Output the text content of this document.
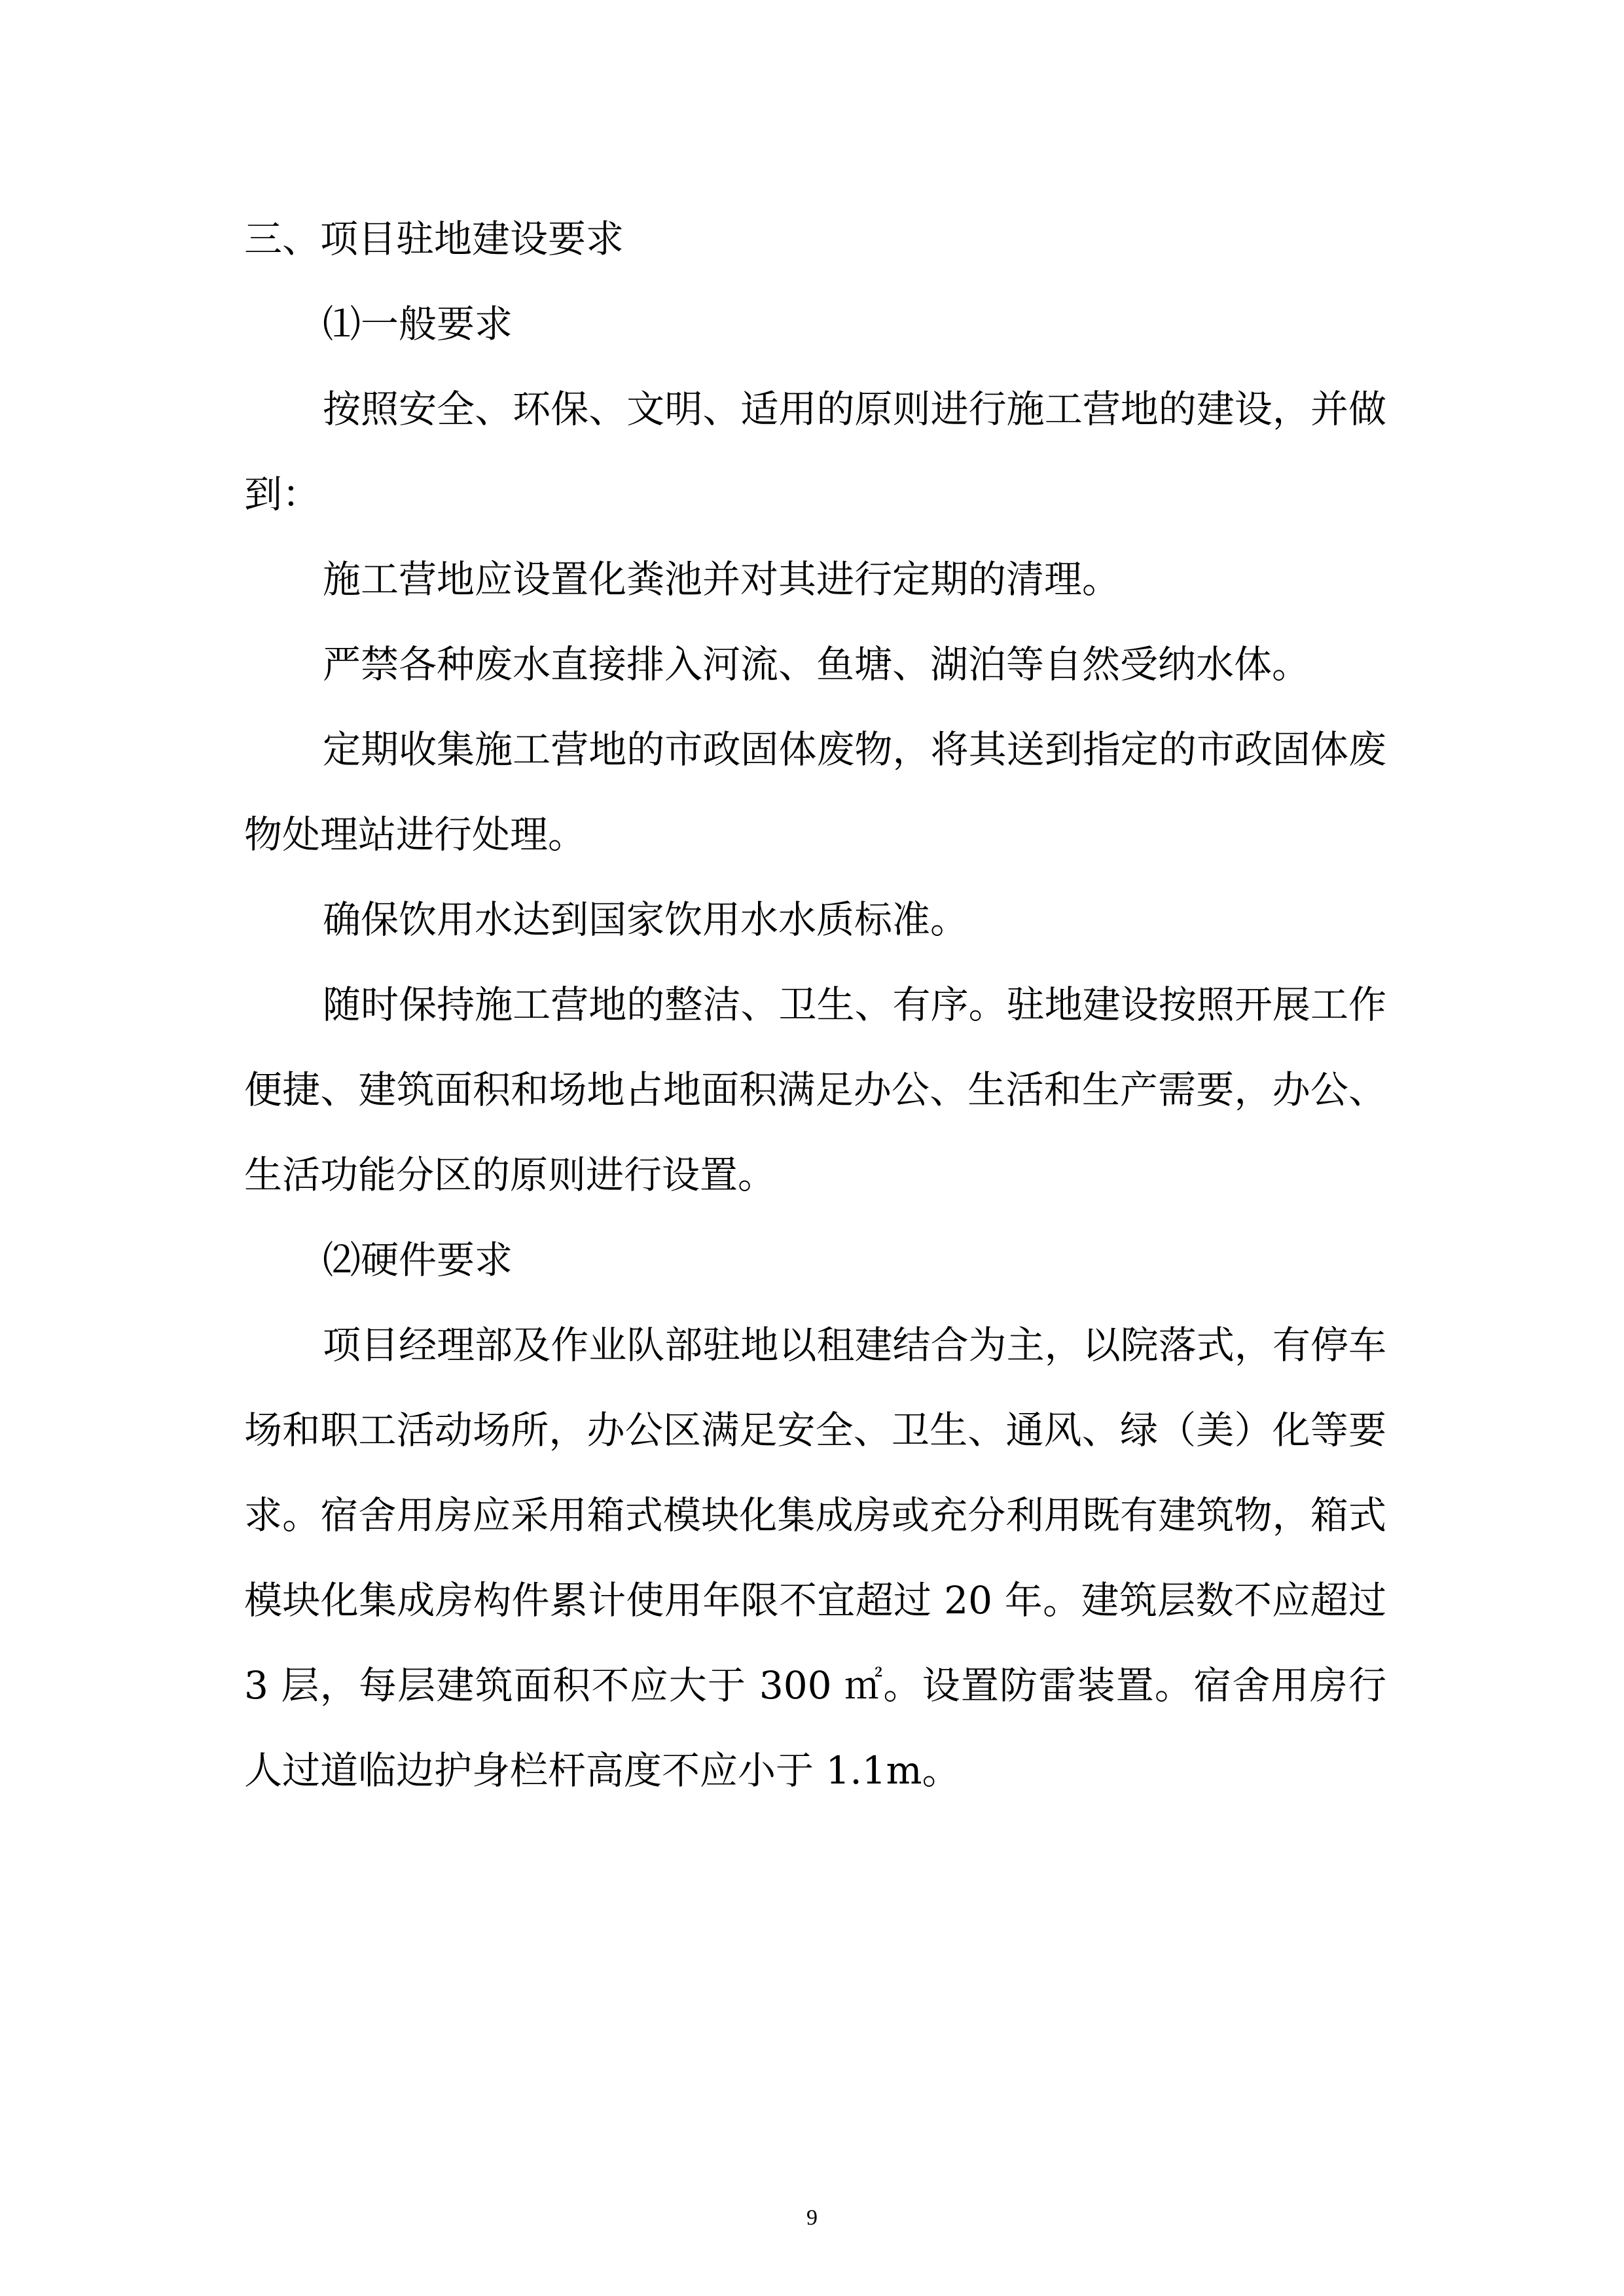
三、项目驻地建设要求

⑴一般要求

按照安全、环保、文明、适用的原则进行施工营地的建设，并做到：

施工营地应设置化粪池并对其进行定期的清理。

严禁各种废水直接排入河流、鱼塘、湖泊等自然受纳水体。

定期收集施工营地的市政固体废物，将其送到指定的市政固体废物处理站进行处理。

确保饮用水达到国家饮用水水质标准。

随时保持施工营地的整洁、卫生、有序。驻地建设按照开展工作便捷、建筑面积和场地占地面积满足办公、生活和生产需要，办公、生活功能分区的原则进行设置。

⑵硬件要求

项目经理部及作业队部驻地以租建结合为主，以院落式，有停车场和职工活动场所，办公区满足安全、卫生、通风、绿（美）化等要求。宿舍用房应采用箱式模块化集成房或充分利用既有建筑物，箱式模块化集成房构件累计使用年限不宜超过 20 年。建筑层数不应超过 3 层，每层建筑面积不应大于 300 ㎡。设置防雷装置。宿舍用房行人过道临边护身栏杆高度不应小于 1.1m。

9
